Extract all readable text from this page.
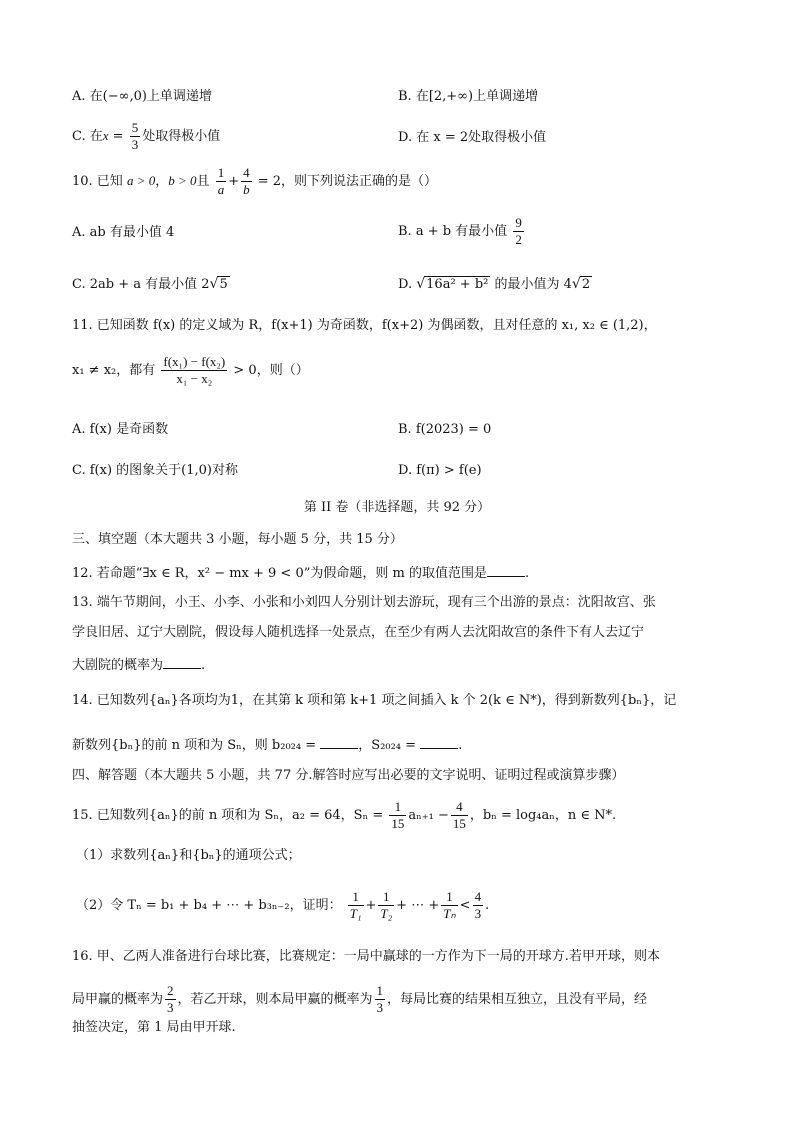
A. 在(−∞,0)上单调递增	B. 在[2,+∞)上单调递增
C. 在$x = \frac{5}{3}$ 处取得极小值	D. 在 x = 2处取得极小值
10. 已知 a > 0，b > 0且 $\frac{1}{a} + \frac{4}{b} = 2$，则下列说法正确的是（）
A. ab 有最小值 4	B. a + b 有最小值 $\frac{9}{2}$
C. 2ab + a 有最小值 2√5	D. √16a² + b² 的最小值为 4√2
11. 已知函数 f(x) 的定义域为 R，f(x+1) 为奇函数，f(x+2) 为偶函数，且对任意的 x₁, x₂ ∈ (1,2)，
x₁ ≠ x₂，都有 $\frac{\text{f(x₁) − f(x₂)}}{\text{x₁ − x₂}} > 0$，则（）
A. f(x) 是奇函数	B. f(2023) = 0
C. f(x) 的图象关于(1,0)对称	D. f(π) > f(e)
第 II 卷（非选择题，共 92 分）
三、填空题（本大题共 3 小题，每小题 5 分，共 15 分）
12. 若命题“∃x ∈ R，x² − mx + 9 < 0”为假命题，则 m 的取值范围是	.
13. 端午节期间，小王、小李、小张和小刘四人分别计划去游玩，现有三个出游的景点：沈阳故宫、张
学良旧居、辽宁大剧院，假设每人随机选择一处景点，在至少有两人去沈阳故宫的条件下有人去辽宁
大剧院的概率为	.
14. 已知数列{aₙ}各项均为1，在其第 k 项和第 k+1 项之间插入 k 个 2(k ∈ N*)，得到新数列{bₙ}，记
新数列{bₙ}的前 n 项和为 Sₙ，则 b₂₀₂₄ =	，S₂₀₂₄ =	.
四、解答题（本大题共 5 小题，共 77 分.解答时应写出必要的文字说明、证明过程或演算步骤）
15. 已知数列{aₙ}的前 n 项和为 Sₙ，a₂ = 64，$S_n = \frac{1}{15} a_{n+1} - \frac{4}{15}$ ，bₙ = log₄aₙ，n ∈ N*.
（1）求数列{aₙ}和{bₙ}的通项公式；
（2）令 Tₙ = b₁ + b₄ + ⋯ + b₃ₙ₋₂，证明： $\frac{1}{\text{T₁}} + \frac{1}{\text{T₂}}$ + ⋯ + $\frac{1}{\text{Tₙ}} < \frac{4}{3}$ .
16. 甲、乙两人准备进行台球比赛，比赛规定：一局中赢球的一方作为下一局的开球方.若甲开球，则本
局甲赢的概率为 $\frac{2}{3}$ ，若乙开球，则本局甲赢的概率为 $\frac{1}{3}$ ，每局比赛的结果相互独立，且没有平局，经
抽签决定，第 1 局由甲开球.
